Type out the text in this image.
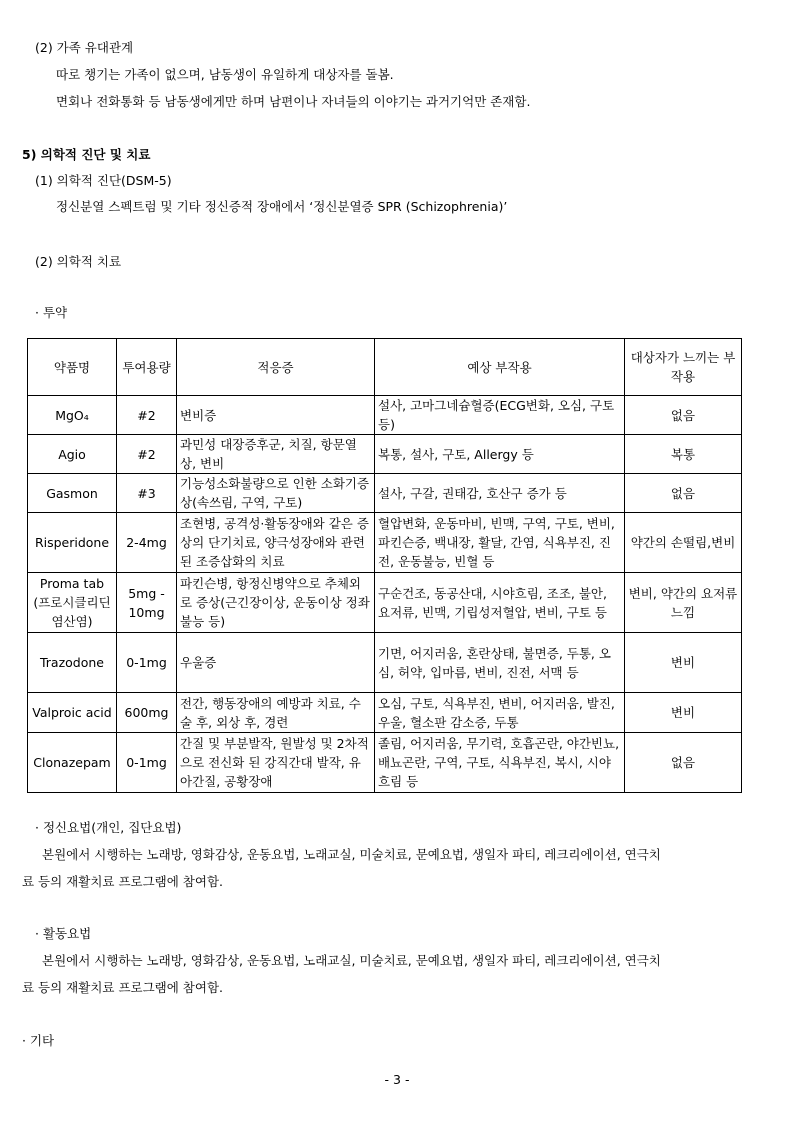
(2) 가족 유대관계
따로 챙기는 가족이 없으며, 남동생이 유일하게 대상자를 돌봄.
면회나 전화통화 등 남동생에게만 하며 남편이나 자녀들의 이야기는 과거기억만 존재함.
5) 의학적 진단 및 치료
(1) 의학적 진단(DSM-5)
정신분열 스펙트럼 및 기타 정신증적 장애에서 ‘정신분열증 SPR (Schizophrenia)’
(2) 의학적 치료
· 투약
약품명	투여용량	적응증	예상 부작용	대상자가 느끼는 부작용
MgO₄	#2	변비증	설사, 고마그네슘혈증(ECG변화, 오심, 구토 등)	없음
Agio	#2	과민성 대장증후군, 치질, 항문열상, 변비	복통, 설사, 구토, Allergy 등	복통
Gasmon	#3	기능성소화불량으로 인한 소화기증상(속쓰림, 구역, 구토)	설사, 구갈, 권태감, 호산구 증가 등	없음
Risperidone	2-4mg	조현병, 공격성·활동장애와 같은 증상의 단기치료, 양극성장애와 관련된 조증삽화의 치료	혈압변화, 운동마비, 빈맥, 구역, 구토, 변비, 파킨슨증, 백내장, 활달, 간염, 식욕부진, 진전, 운동불능, 빈혈 등	약간의 손떨림,변비
Proma tab (프로시클리딘 염산염)	5mg - 10mg	파킨슨병, 항정신병약으로 추체외로 증상(근긴장이상, 운동이상 정좌불능 등)	구순건조, 동공산대, 시야흐림, 조조, 불안, 요저류, 빈맥, 기립성저혈압, 변비, 구토 등	변비, 약간의 요저류 느낌
Trazodone	0-1mg	우울증	기면, 어지러움, 혼란상태, 불면증, 두통, 오심, 허약, 입마름, 변비, 진전, 서맥 등	변비
Valproic acid	600mg	전간, 행동장애의 예방과 치료, 수술 후, 외상 후, 경련	오심, 구토, 식욕부진, 변비, 어지러움, 발진, 우울, 혈소판 감소증, 두통	변비
Clonazepam	0-1mg	간질 및 부분발작, 원발성 및 2차적으로 전신화 된 강직간대 발작, 유아간질, 공황장애	졸림, 어지러움, 무기력, 호흡곤란, 야간빈뇨, 배뇨곤란, 구역, 구토, 식욕부진, 복시, 시야흐림 등	없음
· 정신요법(개인, 집단요법)
본원에서 시행하는 노래방, 영화감상, 운동요법, 노래교실, 미술치료, 문예요법, 생일자 파티, 레크리에이션, 연극치
료 등의 재활치료 프로그램에 참여함.
· 활동요법
본원에서 시행하는 노래방, 영화감상, 운동요법, 노래교실, 미술치료, 문예요법, 생일자 파티, 레크리에이션, 연극치
료 등의 재활치료 프로그램에 참여함.
· 기타
- 3 -
